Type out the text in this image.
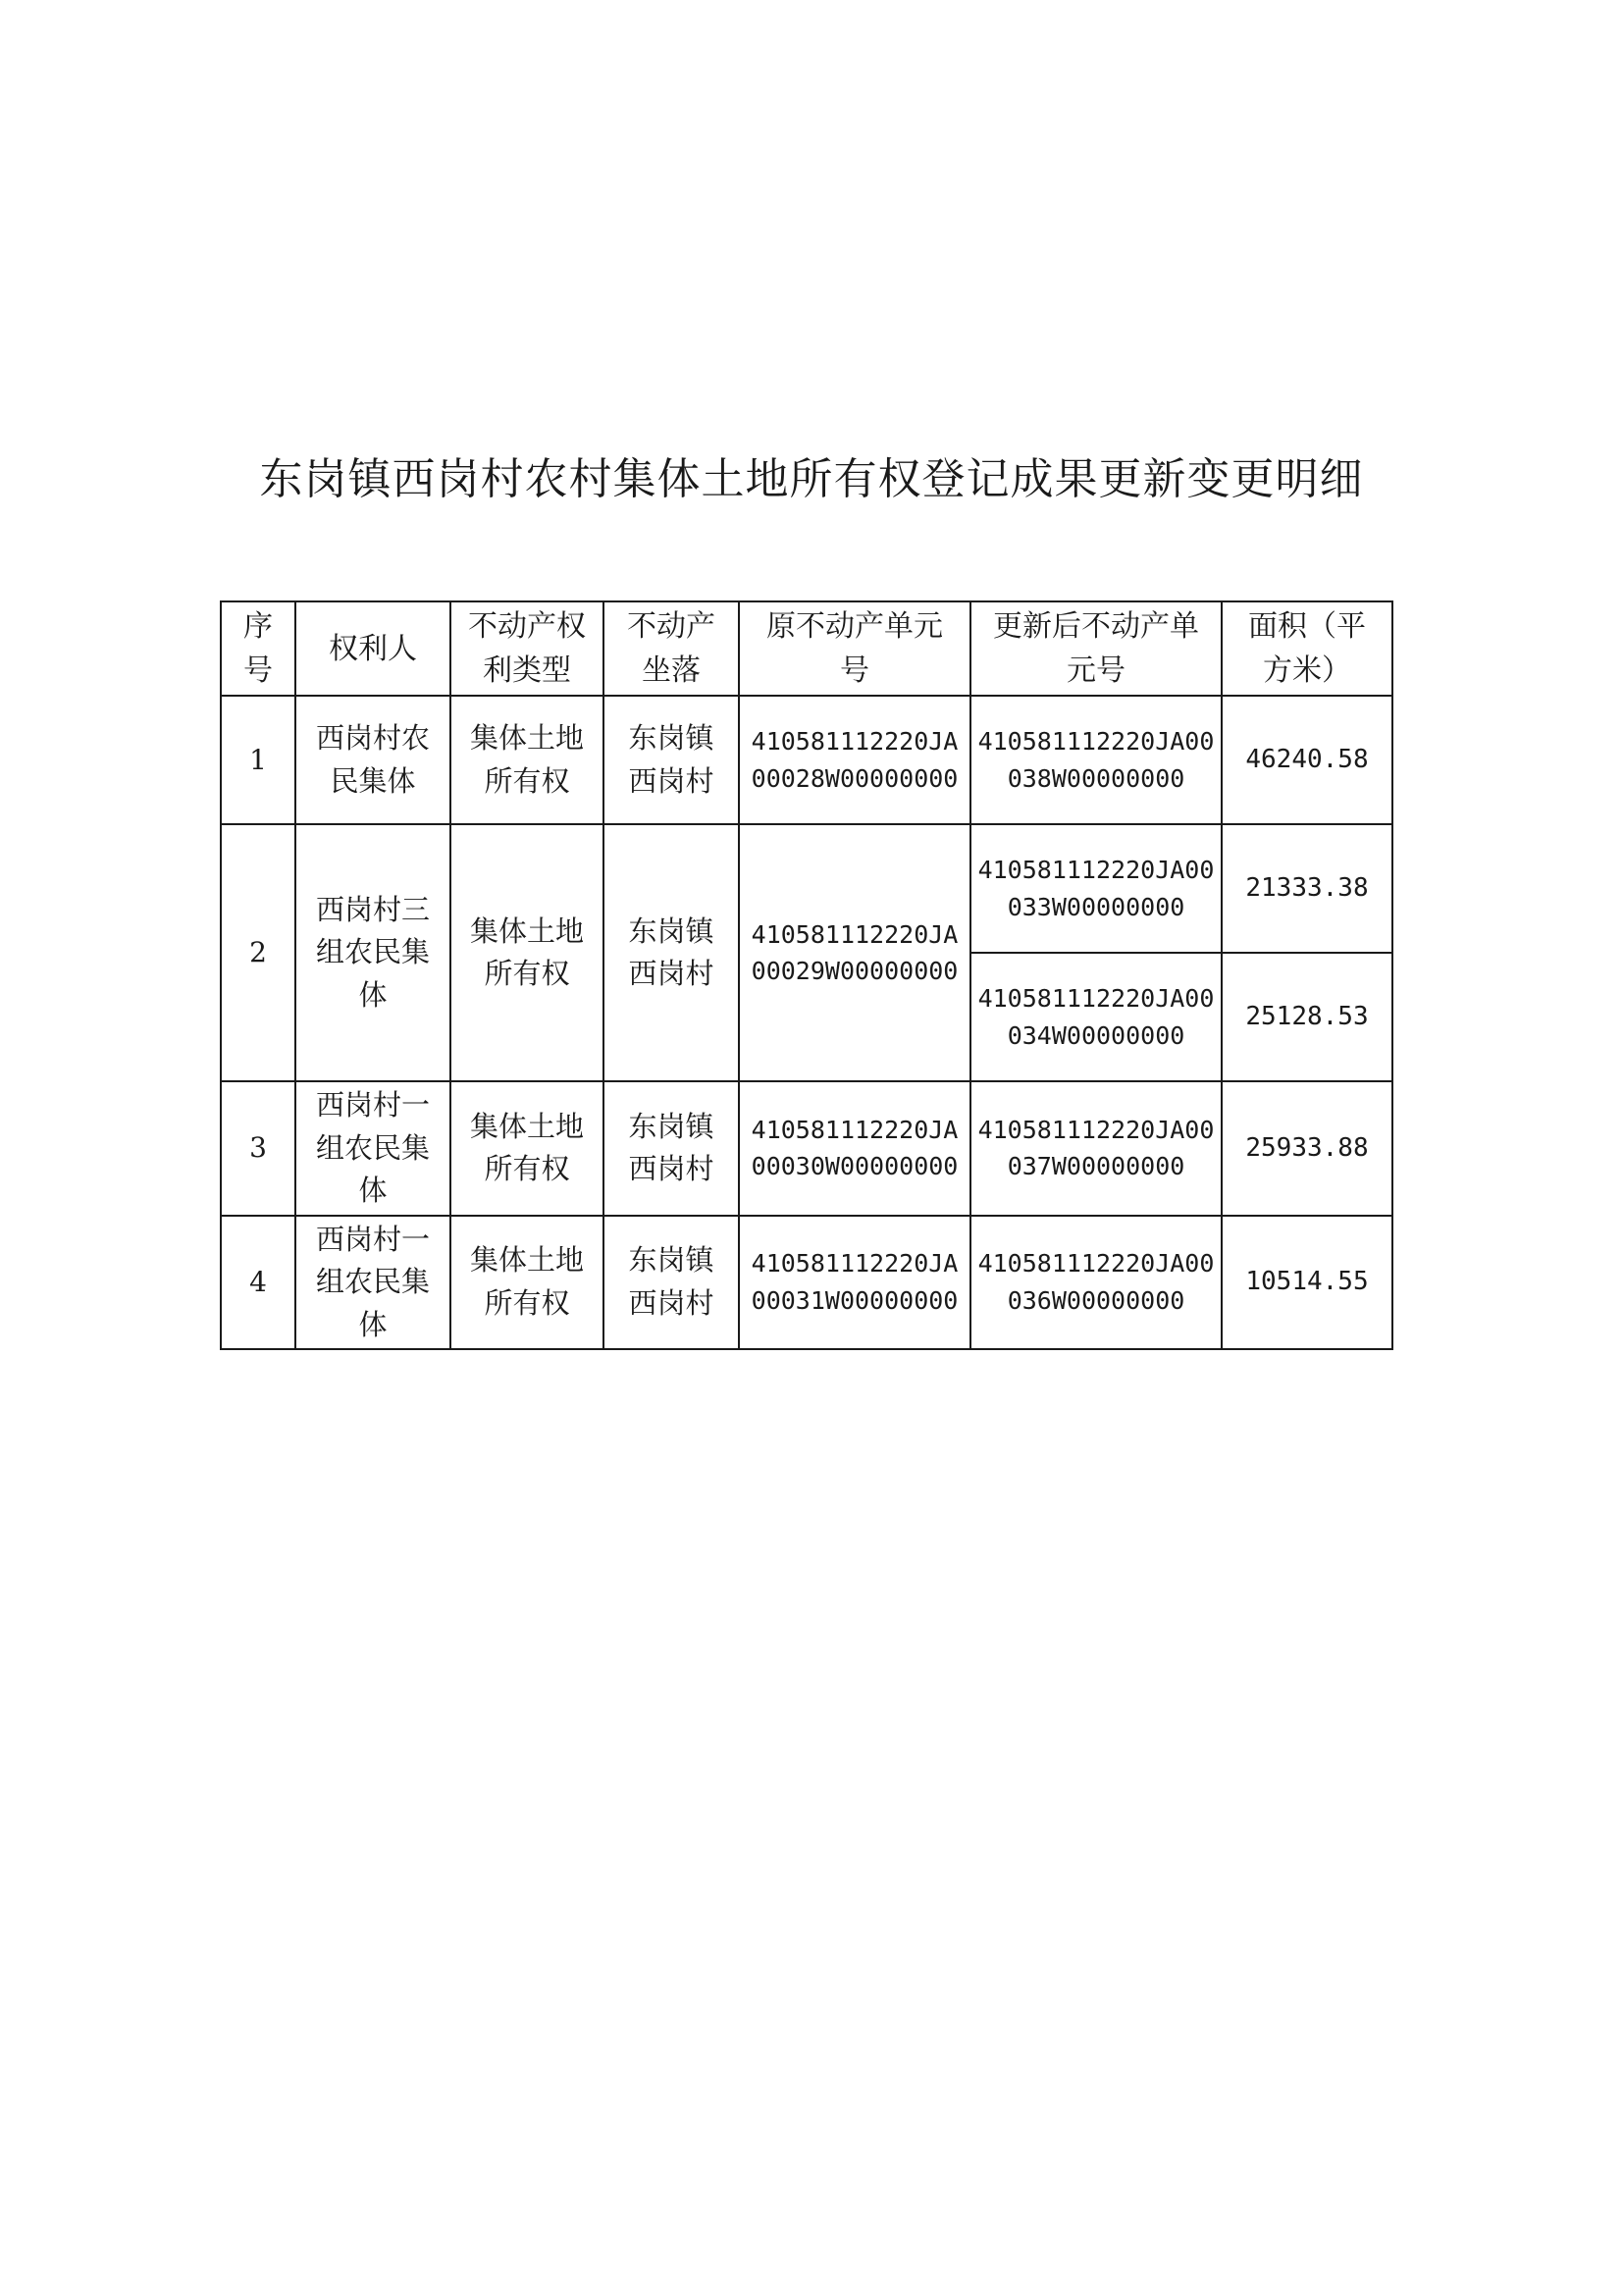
东岗镇西岗村农村集体土地所有权登记成果更新变更明细
序号	权利人	不动产权利类型	不动产坐落	原不动产单元号	更新后不动产单元号	面积（平方米）
1	西岗村农民集体	集体土地所有权	东岗镇西岗村	410581112220JA00028W00000000	410581112220JA00038W00000000	46240.58
2	西岗村三组农民集体	集体土地所有权	东岗镇西岗村	410581112220JA00029W00000000	410581112220JA00033W00000000	21333.38
					410581112220JA00034W00000000	25128.53
3	西岗村一组农民集体	集体土地所有权	东岗镇西岗村	410581112220JA00030W00000000	410581112220JA00037W00000000	25933.88
4	西岗村一组农民集体	集体土地所有权	东岗镇西岗村	410581112220JA00031W00000000	410581112220JA00036W00000000	10514.55
